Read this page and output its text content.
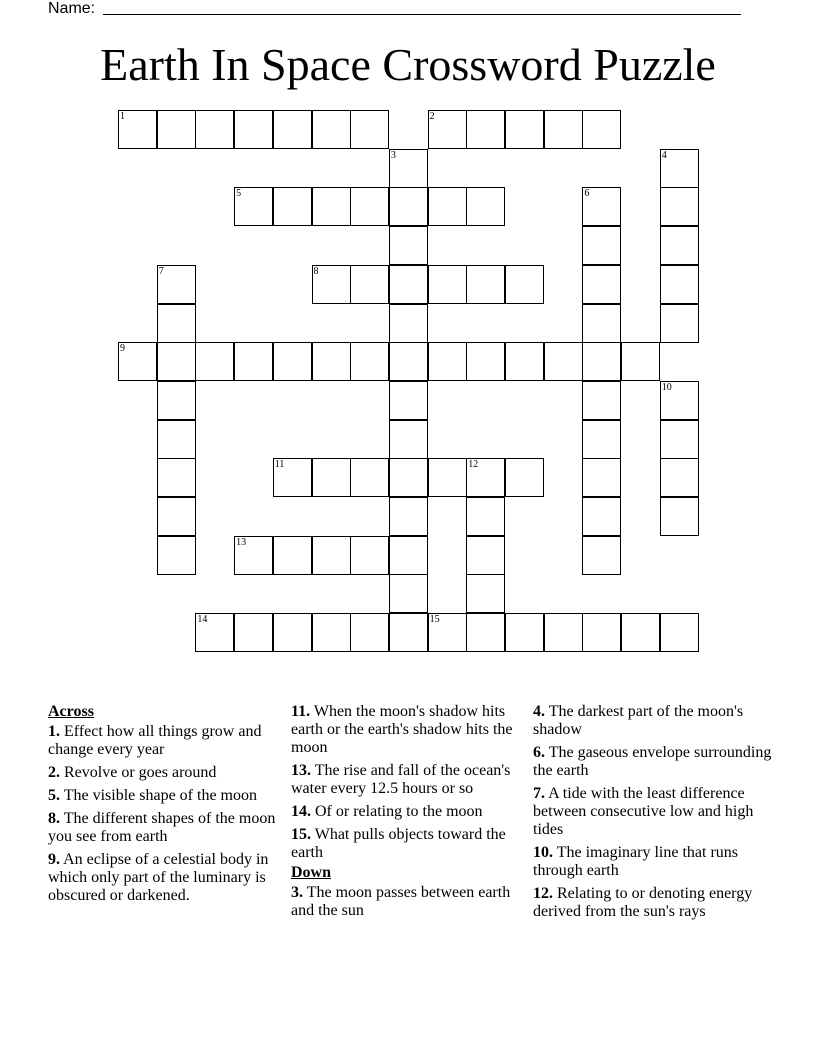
Name:
Earth In Space Crossword Puzzle
1	2
5
8
9
11	12
13
14	15
3	4
6
7
10
Across
1. Effect how all things grow and change every year
2. Revolve or goes around
5. The visible shape of the moon
8. The different shapes of the moon you see from earth
9. An eclipse of a celestial body in which only part of the luminary is obscured or darkened.
11. When the moon's shadow hits earth or the earth's shadow hits the moon
13. The rise and fall of the ocean's water every 12.5 hours or so
14. Of or relating to the moon
15. What pulls objects toward the earth
Down
3. The moon passes between earth and the sun
4. The darkest part of the moon's shadow
6. The gaseous envelope surrounding the earth
7. A tide with the least difference between consecutive low and high tides
10. The imaginary line that runs through earth
12. Relating to or denoting energy derived from the sun's rays
